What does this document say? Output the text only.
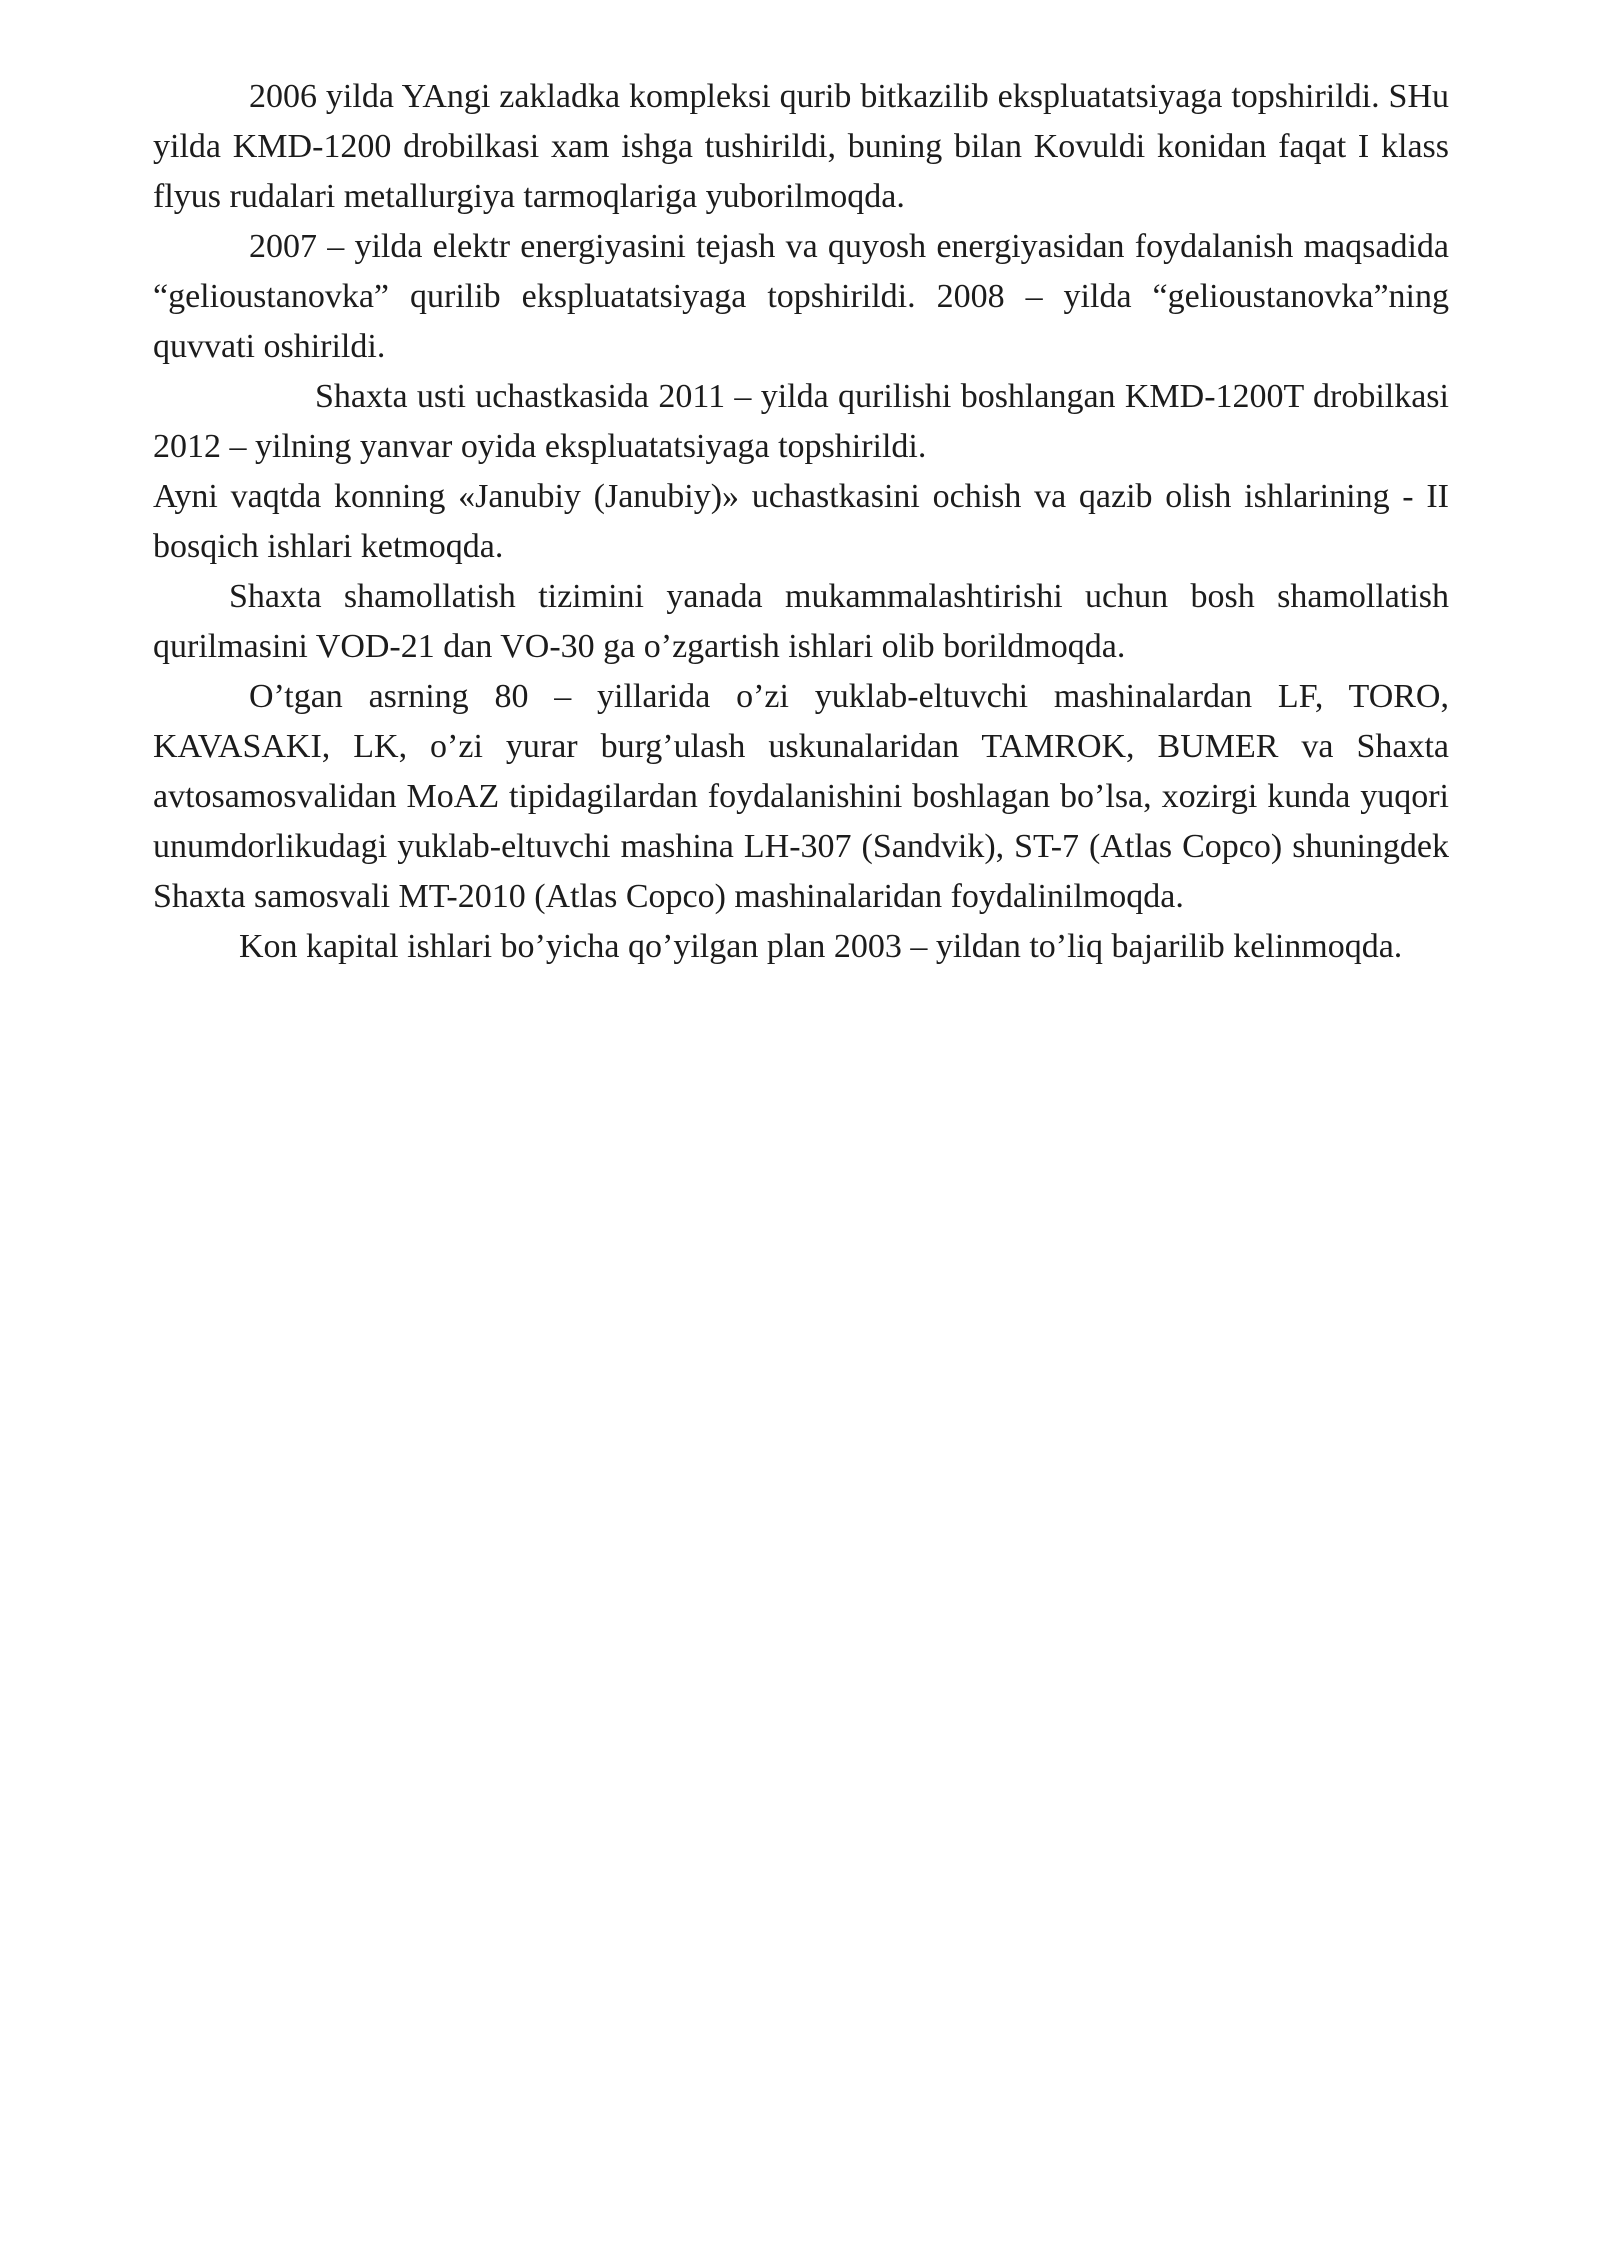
2006 yilda YAngi zakladka kompleksi qurib bitkazilib ekspluatatsiyaga topshirildi. SHu yilda KMD-1200 drobilkasi xam ishga tushirildi, buning bilan Kovuldi konidan faqat I klass flyus rudalari metallurgiya tarmoqlariga yuborilmoqda.

2007 – yilda elektr energiyasini tejash va quyosh energiyasidan foydalanish maqsadida “gelioustanovka” qurilib ekspluatatsiyaga topshirildi. 2008 – yilda “gelioustanovka”ning quvvati oshirildi.

Shaxta usti uchastkasida 2011 – yilda qurilishi boshlangan KMD-1200T drobilkasi 2012 – yilning yanvar oyida ekspluatatsiyaga topshirildi.

Ayni vaqtda konning «Janubiy (Janubiy)» uchastkasini ochish va qazib olish ishlarining - II bosqich ishlari ketmoqda.

Shaxta shamollatish tizimini yanada mukammalashtirishi uchun bosh shamollatish qurilmasini VOD-21 dan VO-30 ga o’zgartish ishlari olib borildmoqda.

O’tgan asrning 80 – yillarida o’zi yuklab-eltuvchi mashinalardan LF, TORO, KAVASAKI, LK, o’zi yurar burg’ulash uskunalaridan TAMROK, BUMER va Shaxta avtosamosvalidan MoAZ tipidagilardan foydalanishini boshlagan bo’lsa, xozirgi kunda yuqori unumdorlikudagi yuklab-eltuvchi mashina LH-307 (Sandvik), ST-7 (Atlas Copco) shuningdek Shaxta samosvali MT-2010 (Atlas Copco) mashinalaridan foydalinilmoqda.

Kon kapital ishlari bo’yicha qo’yilgan plan 2003 – yildan to’liq bajarilib kelinmoqda.
